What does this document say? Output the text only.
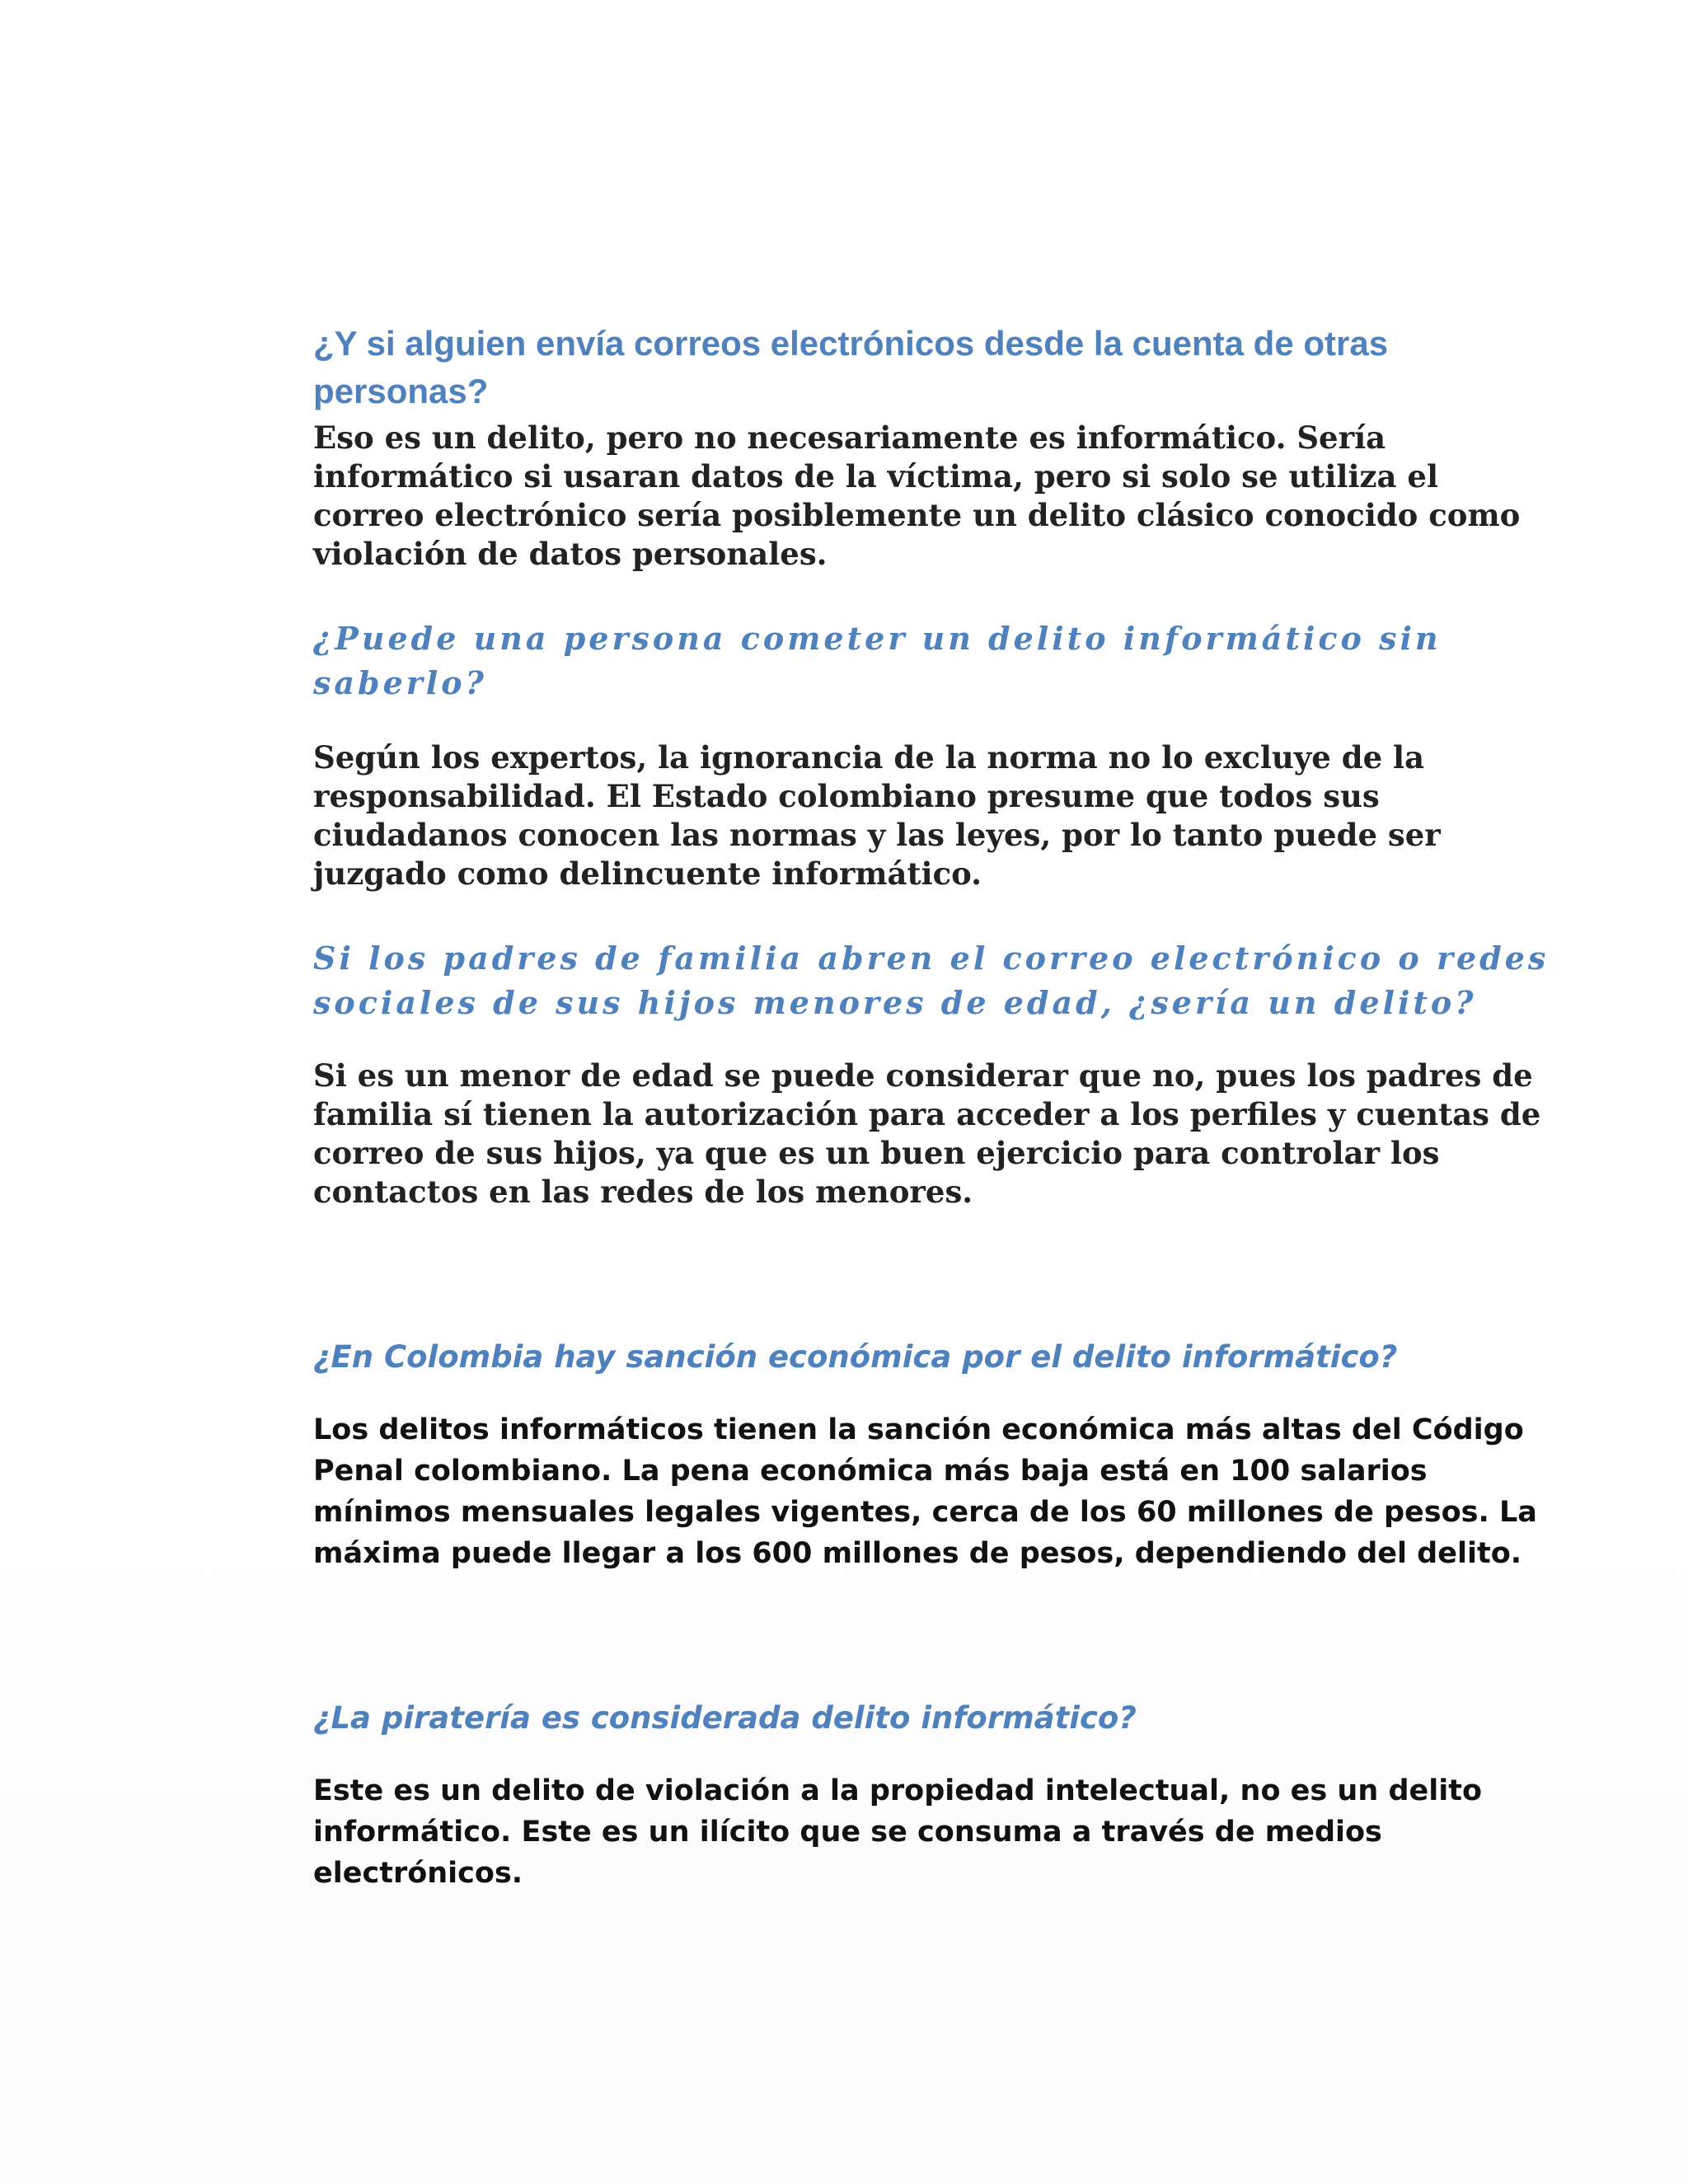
¿Y si alguien envía correos electrónicos desde la cuenta de otras personas?

Eso es un delito, pero no necesariamente es informático. Sería informático si usaran datos de la víctima, pero si solo se utiliza el correo electrónico sería posiblemente un delito clásico conocido como violación de datos personales.

¿Puede una persona cometer un delito informático sin saberlo?

Según los expertos, la ignorancia de la norma no lo excluye de la responsabilidad. El Estado colombiano presume que todos sus ciudadanos conocen las normas y las leyes, por lo tanto puede ser juzgado como delincuente informático.

Si los padres de familia abren el correo electrónico o redes sociales de sus hijos menores de edad, ¿sería un delito?

Si es un menor de edad se puede considerar que no, pues los padres de familia sí tienen la autorización para acceder a los perfiles y cuentas de correo de sus hijos, ya que es un buen ejercicio para controlar los contactos en las redes de los menores.

¿En Colombia hay sanción económica por el delito informático?

Los delitos informáticos tienen la sanción económica más altas del Código Penal colombiano. La pena económica más baja está en 100 salarios mínimos mensuales legales vigentes, cerca de los 60 millones de pesos. La máxima puede llegar a los 600 millones de pesos, dependiendo del delito.

¿La piratería es considerada delito informático?

Este es un delito de violación a la propiedad intelectual, no es un delito informático. Este es un ilícito que se consuma a través de medios electrónicos.
